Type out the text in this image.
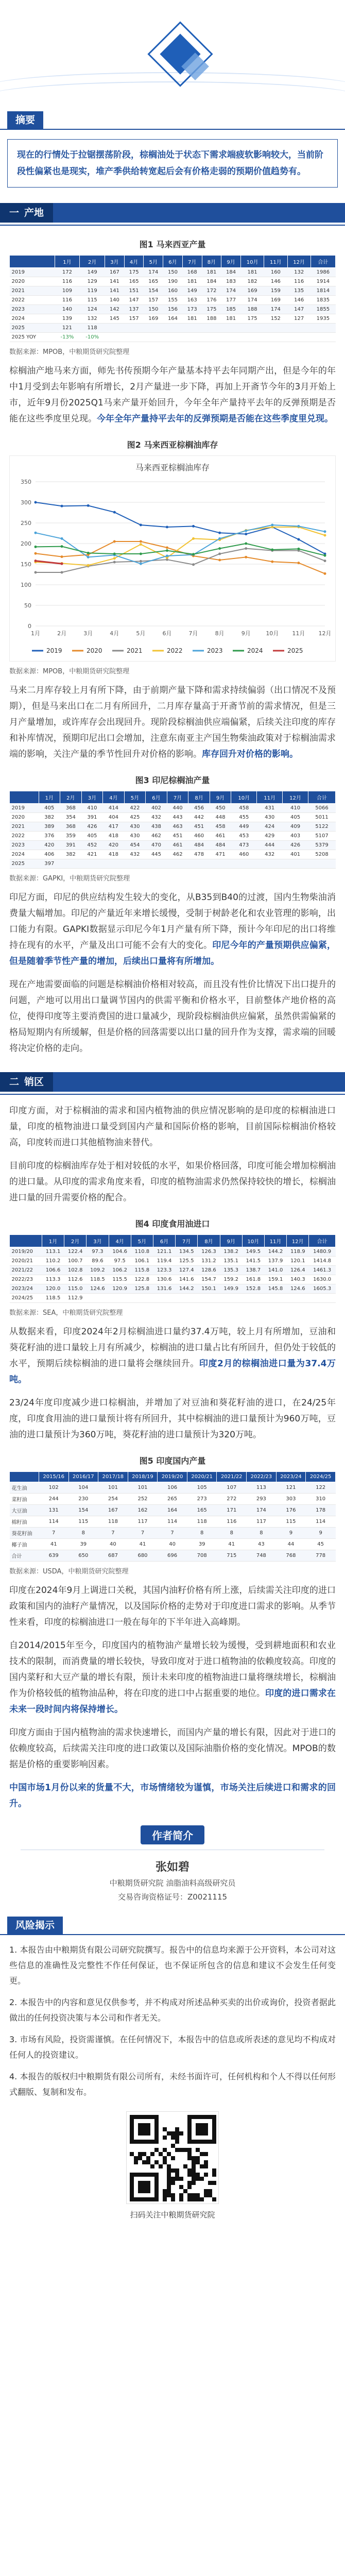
摘要
现在的行情处于拉锯摆荡阶段，棕榈油处于状态下需求端疲软影响较大，当前阶段性偏紧也是现实，堆产季供给转宽起后会有价格走弱的预期价值趋势有。
一 产地
图1 马来西亚产量
	1月	2月	3月	4月	5月	6月	7月	8月	9月	10月	11月	12月	合计
2019	172	149	167	175	174	150	168	181	184	181	160	132	1986
2020	116	129	141	165	165	190	181	184	183	182	146	116	1914
2021	109	119	141	151	154	160	149	172	174	169	159	135	1814
2022	116	115	140	147	157	155	163	176	177	174	169	146	1835
2023	140	124	142	137	150	156	173	175	185	188	174	147	1855
2024	139	132	145	157	169	164	181	188	181	175	152	127	1935
2025	121	118											
2025 YOY	-13%	-10%											
数据来源：MPOB，中粮期货研究院整理
棕榈油产地马来方面，师先书传预期今年产量基本持平去年同期产出，但是今年的年中1月受到去年影响有所增长，2月产量进一步下降，再加上开斋节今年的3月开始上市，近年9月份2025Q1马来产量开始回升，今年全年产量持平去年的反弹预期是否能在这些季度里兑现。今年全年产量持平去年的反弹预期是否能在这些季度里兑现。
图2 马来西亚棕榈油库存
马来西亚棕榈油库存
0
50
100
150
200
250
300
350
1月	2月	3月	4月	5月	6月	7月	8月	9月	10月 11月 12月
2019	2020	2021	2022	2023	2024	2025
数据来源：MPOB，中粮期货研究院整理
马来二月库存较上月有所下降，由于前期产量下降和需求持续偏弱（出口情况不及预期），但是马来出口在二月有所回升，二月库存量高于开斋节前的需求情况，但是三月产量增加，或许库存会出现回升。现阶段棕榈油供应端偏紧，后续关注印度的库存和补库情况，预期印尼出口会增加，注意东南亚主产国生物柴油政策对于棕榈油需求端的影响，关注产量的季节性回升对价格的影响。库存回升对价格的影响。
图3 印尼棕榈油产量
	1月	2月	3月	4月	5月	6月	7月	8月	9月	10月	11月	12月	合计
2019	405	368	410	414	422	402	440	456	450	458	431	410	5066
2020	382	354	391	404	425	432	443	442	448	455	430	405	5011
2021	389	368	426	417	430	438	463	451	458	449	424	409	5122
2022	376	359	405	418	430	462	451	460	461	453	429	403	5107
2023	420	391	452	420	454	470	461	484	484	473	444	426	5379
2024	406	382	421	418	432	445	462	478	471	460	432	401	5208
2025	397												
数据来源：GAPKI，中粮期货研究院整理
印尼方面，印尼的供应结构发生较大的变化，从B35到B40的过渡，国内生物柴油消费量大幅增加。印尼的产量近年来增长缓慢，受制于树龄老化和农业管理的影响，出口能力有限。GAPKI数据显示印尼今年1月产量有所下降，预计今年印尼的出口将维持在现有的水平，产量及出口可能不会有大的变化。印尼今年的产量预期供应偏紧，但是随着季节性产量的增加，后续出口量将有所增加。
现在产地需要面临的问题是棕榈油价格相对较高，而且没有性价比情况下出口提升的问题，产地可以用出口量调节国内的供需平衡和价格水平，目前整体产地价格的高位，使得印度等主要消费国的进口量减少，现阶段棕榈油供应偏紧，虽然供需偏紧的格局短期内有所缓解，但是价格的回落需要以出口量的回升作为支撑，需求端的回暖将决定价格的走向。
二 销区
印度方面，对于棕榈油的需求和国内植物油的供应情况影响的是印度的棕榈油进口量，印度的植物油进口量受到国内产量和国际价格的影响，目前国际棕榈油价格较高，印度转而进口其他植物油来替代。
目前印度的棕榈油库存处于相对较低的水平，如果价格回落，印度可能会增加棕榈油的进口量。从印度的需求角度来看，印度的植物油需求仍然保持较快的增长，棕榈油进口量的回升需要价格的配合。
图4 印度食用油进口
	1月	2月	3月	4月	5月	6月	7月	8月	9月	10月	11月	12月	合计
2019/20	113.1	122.4	97.3	104.6	110.8	121.1	134.5	126.3	138.2	149.5	144.2	118.9	1480.9
2020/21	110.2	100.7	89.6	97.5	106.1	119.4	125.5	131.2	135.1	141.5	137.9	120.1	1414.8
2021/22	106.6	102.8	109.2	106.2	115.8	123.3	127.4	128.6	135.3	138.7	141.0	126.4	1461.3
2022/23	113.3	112.6	118.5	115.5	122.8	130.6	141.6	154.7	159.2	161.8	159.1	140.3	1630.0
2023/24	120.0	115.0	124.6	120.9	125.8	131.6	144.2	150.1	149.9	152.8	145.8	124.6	1605.3
2024/25	118.5	112.9											
数据来源：SEA，中粮期货研究院整理
从数据来看，印度2024年2月棕榈油进口量约37.4万吨，较上月有所增加，豆油和葵花籽油的进口量较上月有所减少，棕榈油的进口量占比有所回升，但仍处于较低的水平，预期后续棕榈油的进口量将会继续回升。印度2月的棕榈油进口量为37.4万吨。
23/24年度印度减少进口棕榈油，并增加了对豆油和葵花籽油的进口，在24/25年度，印度食用油的进口量预计将有所回升，其中棕榈油的进口量预计为960万吨，豆油的进口量预计为360万吨，葵花籽油的进口量预计为320万吨。
图5 印度国内产量
	2015/16	2016/17	2017/18	2018/19	2019/20	2020/21	2021/22	2022/23	2023/24	2024/25
花生油	102	104	101	101	106	105	107	113	121	122
菜籽油	244	230	254	252	265	273	272	293	303	310
大豆油	131	154	167	162	164	165	171	174	176	178
棉籽油	114	115	118	117	114	118	116	117	115	114
葵花籽油	7	8	7	7	7	8	8	8	9	9
椰子油	41	39	40	41	40	39	41	43	44	45
合计	639	650	687	680	696	708	715	748	768	778
数据来源：USDA，中粮期货研究院整理
印度在2024年9月上调进口关税，其国内油籽价格有所上涨，后续需关注印度的进口政策和国内的油籽产量情况，以及国际价格的走势对于印度进口需求的影响。从季节性来看，印度的棕榈油进口一般在每年的下半年进入高峰期。
自2014/2015年至今，印度国内的植物油产量增长较为缓慢，受到耕地面积和农业技术的限制，而消费量的增长较快，导致印度对于进口植物油的依赖度较高。印度的国内菜籽和大豆产量的增长有限，预计未来印度的植物油进口量将继续增长，棕榈油作为价格较低的植物油品种，将在印度的进口中占据重要的地位。印度的进口需求在未来一段时间内将保持增长。
印度方面由于国内植物油的需求快速增长，而国内产量的增长有限，因此对于进口的依赖度较高，后续需关注印度的进口政策以及国际油脂价格的变化情况。MPOB的数据是价格的重要影响因素。
中国市场1月份以来的货量不大，市场情绪较为谨慎，市场关注后续进口和需求的回升。
作者简介
张如碧
中粮期货研究院 油脂油料高级研究员
交易咨询资格证号：Z0021115
风险揭示
1. 本报告由中粮期货有限公司研究院撰写。报告中的信息均来源于公开资料，本公司对这些信息的准确性及完整性不作任何保证，也不保证所包含的信息和建议不会发生任何变更。
2. 本报告中的内容和意见仅供参考，并不构成对所述品种买卖的出价或询价，投资者据此做出的任何投资决策与本公司和作者无关。
3. 市场有风险，投资需谨慎。在任何情况下，本报告中的信息或所表述的意见均不构成对任何人的投资建议。
4. 本报告的版权归中粮期货有限公司所有，未经书面许可，任何机构和个人不得以任何形式翻版、复制和发布。
扫码关注中粮期货研究院
